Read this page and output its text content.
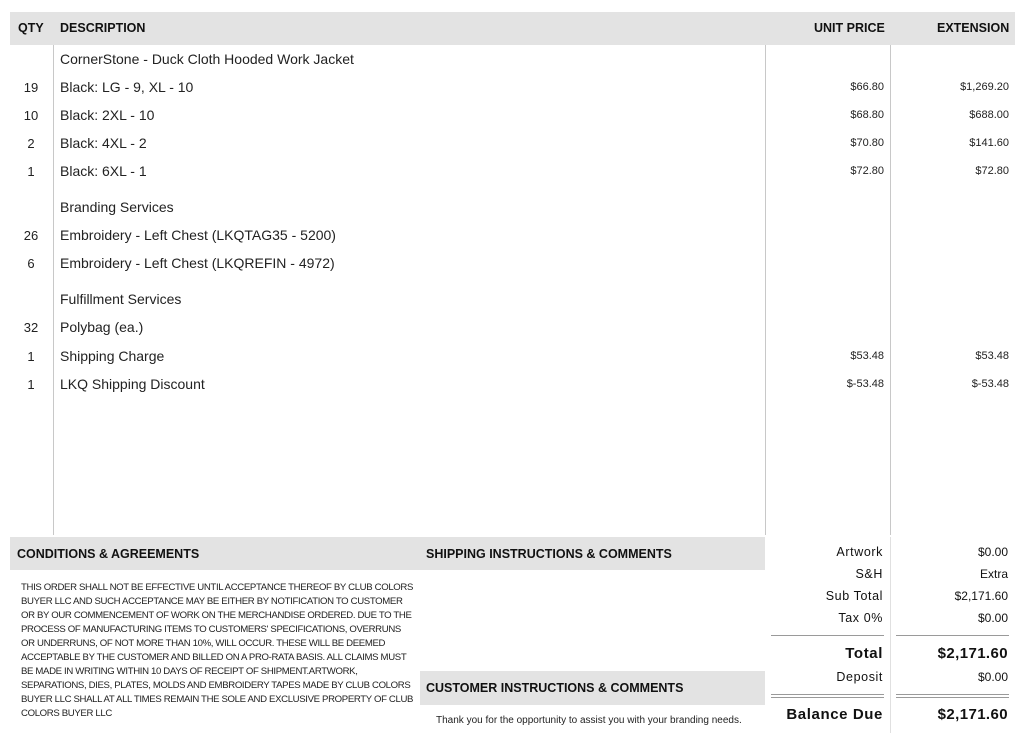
QTY DESCRIPTION	UNIT PRICE	EXTENSION
CornerStone - Duck Cloth Hooded Work Jacket
19	Black: LG - 9, XL - 10	$66.80	$1,269.20
10	Black: 2XL - 10	$68.80	$688.00
2	Black: 4XL - 2	$70.80	$141.60
1	Black: 6XL - 1	$72.80	$72.80
Branding Services
26	Embroidery - Left Chest (LKQTAG35 - 5200)
6	Embroidery - Left Chest (LKQREFIN - 4972)
Fulfillment Services
32	Polybag (ea.)
1	Shipping Charge	$53.48	$53.48
1	LKQ Shipping Discount	$-53.48	$-53.48
CONDITIONS & AGREEMENTS	SHIPPING INSTRUCTIONS & COMMENTS
THIS ORDER SHALL NOT BE EFFECTIVE UNTIL ACCEPTANCE THEREOF BY CLUB COLORS BUYER LLC AND SUCH ACCEPTANCE MAY BE EITHER BY NOTIFICATION TO CUSTOMER OR BY OUR COMMENCEMENT OF WORK ON THE MERCHANDISE ORDERED. DUE TO THE PROCESS OF MANUFACTURING ITEMS TO CUSTOMERS' SPECIFICATIONS, OVERRUNS OR UNDERRUNS, OF NOT MORE THAN 10%, WILL OCCUR. THESE WILL BE DEEMED ACCEPTABLE BY THE CUSTOMER AND BILLED ON A PRO-RATA BASIS. ALL CLAIMS MUST BE MADE IN WRITING WITHIN 10 DAYS OF RECEIPT OF SHIPMENT.ARTWORK, SEPARATIONS, DIES, PLATES, MOLDS AND EMBROIDERY TAPES MADE BY CLUB COLORS BUYER LLC SHALL AT ALL TIMES REMAIN THE SOLE AND EXCLUSIVE PROPERTY OF CLUB COLORS BUYER LLC
CUSTOMER INSTRUCTIONS & COMMENTS
Thank you for the opportunity to assist you with your branding needs.
Artwork	$0.00
S&H	Extra
Sub Total	$2,171.60
Tax 0%	$0.00
Total	$2,171.60
Deposit	$0.00
Balance Due	$2,171.60
